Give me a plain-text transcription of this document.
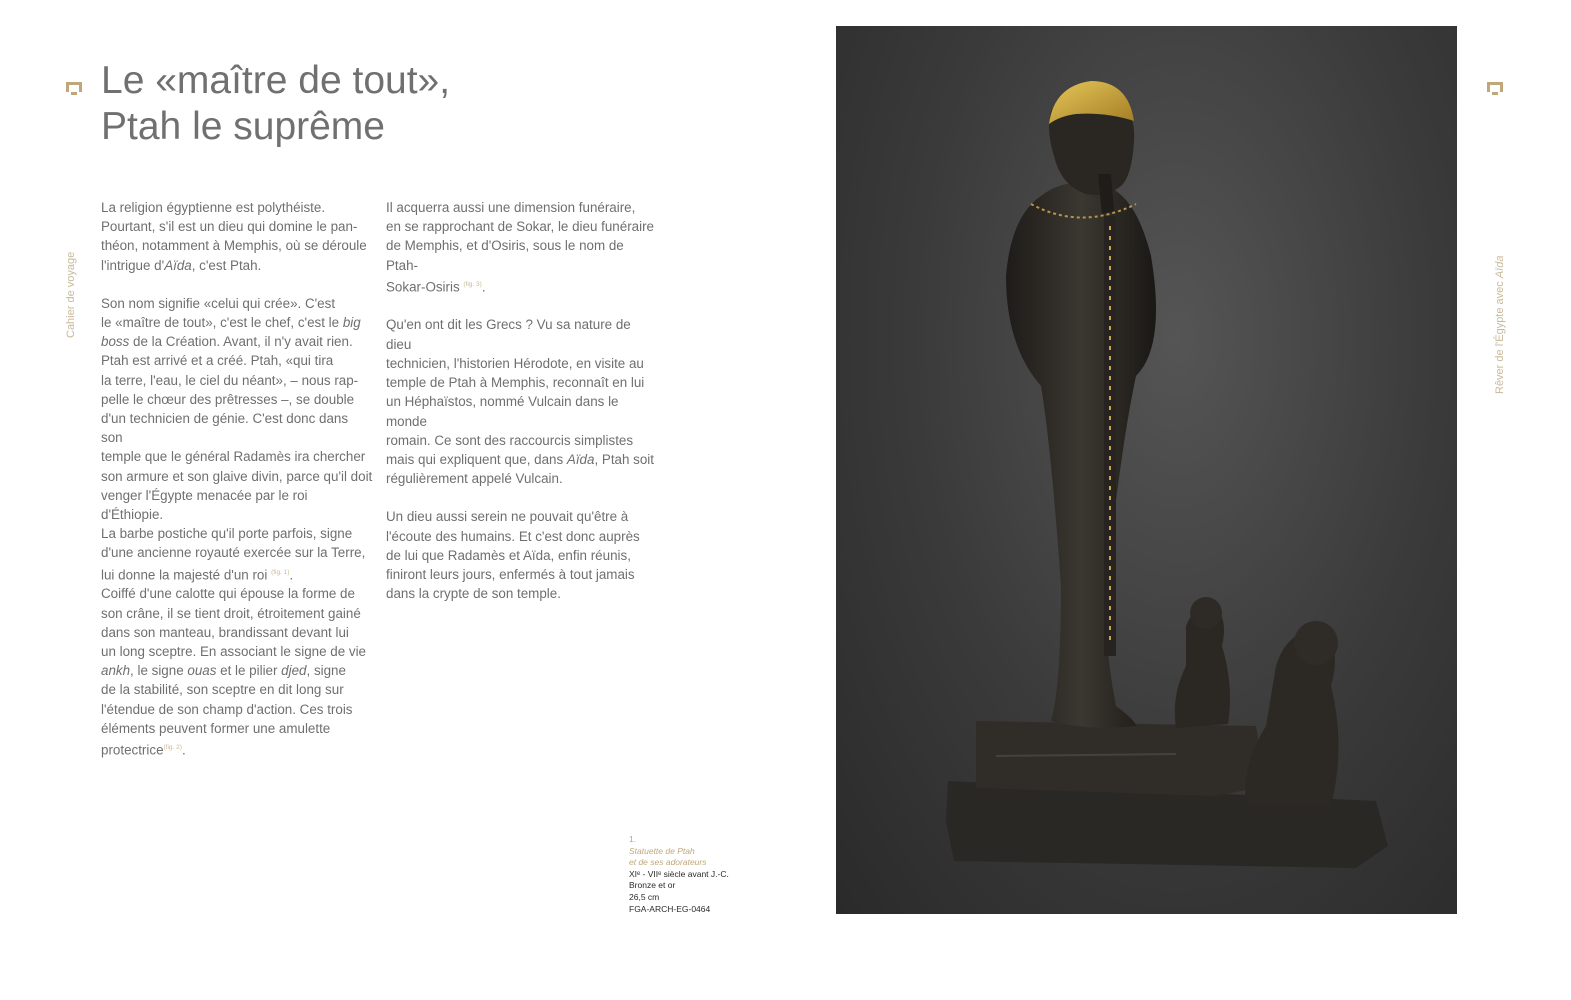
Cahier de voyage	Rêver de l'Égypte avec Aïda
Le «maître de tout»,
Ptah le suprême

La religion égyptienne est polythéiste.
Pourtant, s'il est un dieu qui domine le pan-
théon, notamment à Memphis, où se déroule
l'intrigue d'Aïda, c'est Ptah.

Son nom signifie «celui qui crée». C'est
le «maître de tout», c'est le chef, c'est le big
boss de la Création. Avant, il n'y avait rien.
Ptah est arrivé et a créé. Ptah, «qui tira
la terre, l'eau, le ciel du néant», – nous rap-
pelle le chœur des prêtresses –, se double
d'un technicien de génie. C'est donc dans son
temple que le général Radamès ira chercher
son armure et son glaive divin, parce qu'il doit
venger l'Égypte menacée par le roi d'Éthiopie.
La barbe postiche qu'il porte parfois, signe
d'une ancienne royauté exercée sur la Terre,
lui donne la majesté d'un roi $^{(fig. 1)}$.

Coiffé d'une calotte qui épouse la forme de
son crâne, il se tient droit, étroitement gainé
dans son manteau, brandissant devant lui
un long sceptre. En associant le signe de vie
ankh, le signe ouas et le pilier djed, signe
de la stabilité, son sceptre en dit long sur
l'étendue de son champ d'action. Ces trois
éléments peuvent former une amulette
protectrice$^{(fig. 2)}$.

Il acquerra aussi une dimension funéraire,
en se rapprochant de Sokar, le dieu funéraire
de Memphis, et d'Osiris, sous le nom de Ptah-
Sokar-Osiris $^{(fig. 3)}$.

Qu'en ont dit les Grecs ? Vu sa nature de dieu
technicien, l'historien Hérodote, en visite au
temple de Ptah à Memphis, reconnaît en lui
un Héphaïstos, nommé Vulcain dans le monde
romain. Ce sont des raccourcis simplistes
mais qui expliquent que, dans Aïda, Ptah soit
régulièrement appelé Vulcain.

Un dieu aussi serein ne pouvait qu'être à
l'écoute des humains. Et c'est donc auprès
de lui que Radamès et Aïda, enfin réunis,
finiront leurs jours, enfermés à tout jamais
dans la crypte de son temple.

1.
Statuette de Ptah
et de ses adorateurs
XIᵉ - VIIᵉ siècle avant J.-C.
Bronze et or
26,5 cm
FGA-ARCH-EG-0464
